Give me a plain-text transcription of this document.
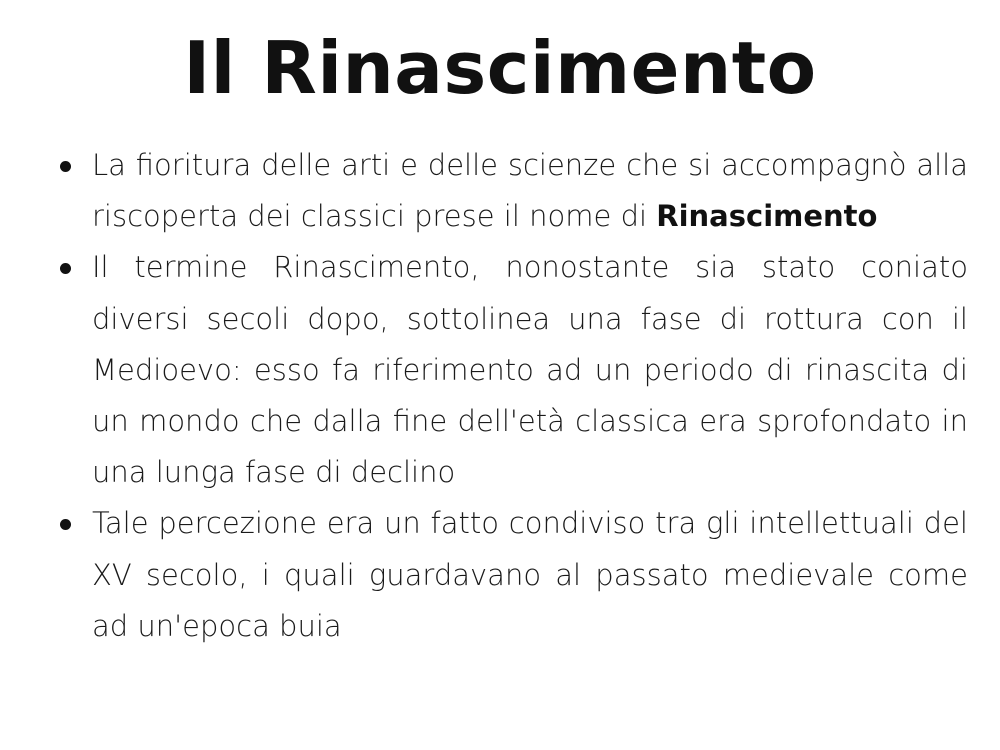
Il Rinascimento
La fioritura delle arti e delle scienze che si accompagnò alla riscoperta dei classici prese il nome di Rinascimento
Il termine Rinascimento, nonostante sia stato coniato diversi secoli dopo, sottolinea una fase di rottura con il Medioevo: esso fa riferimento ad un periodo di rinascita di un mondo che dalla fine dell'età classica era sprofondato in una lunga fase di declino
Tale percezione era un fatto condiviso tra gli intellettuali del XV secolo, i quali guardavano al passato medievale come ad un'epoca buia
